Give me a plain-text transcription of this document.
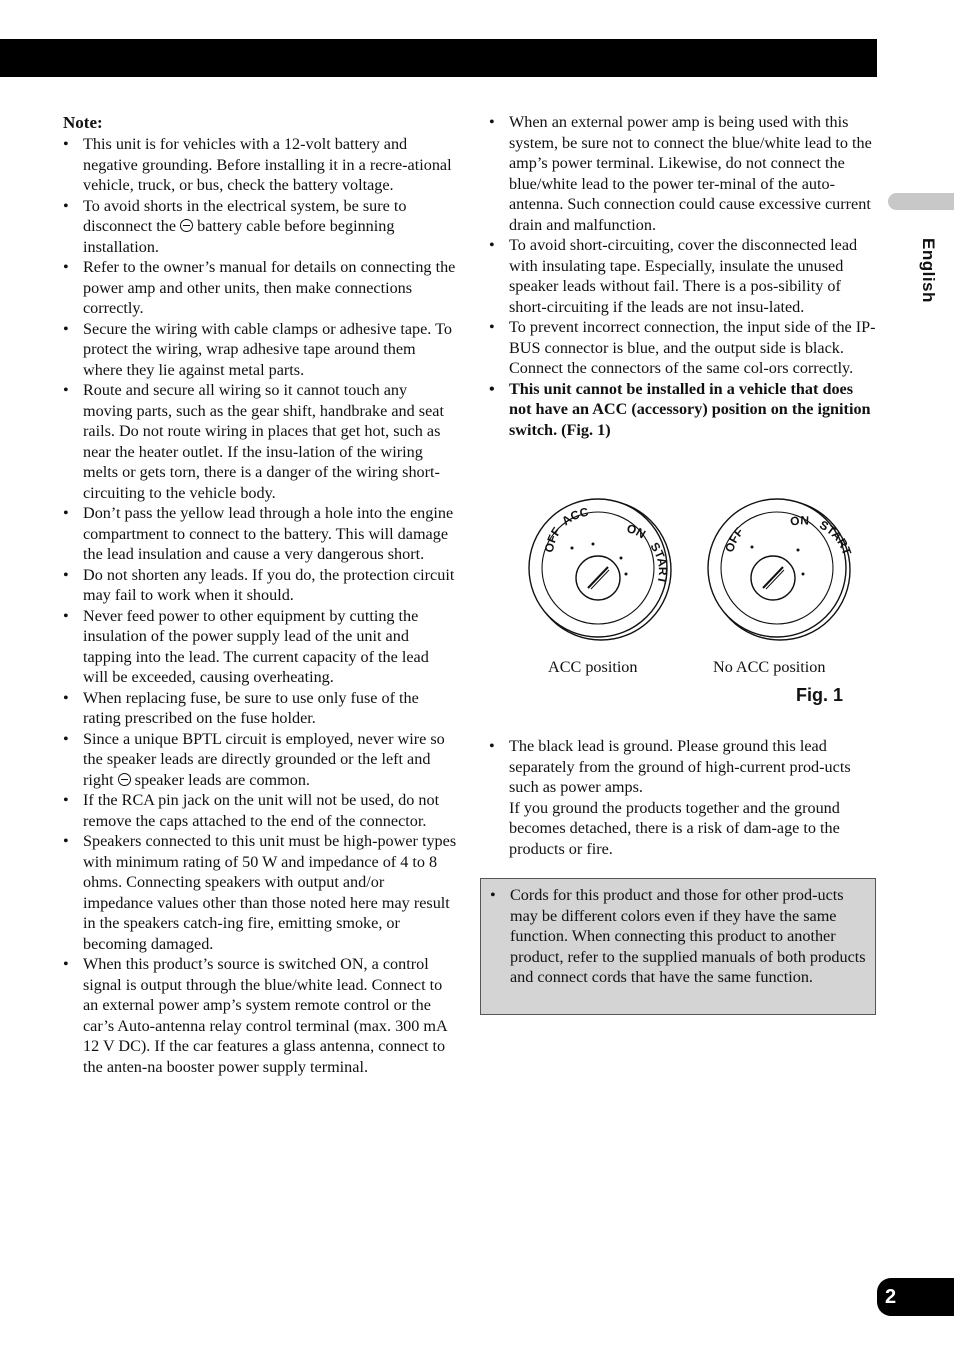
English
Note:
• This unit is for vehicles with a 12-volt battery and negative grounding. Before installing it in a recre-ational vehicle, truck, or bus, check the battery voltage.
• To avoid shorts in the electrical system, be sure to disconnect the  battery cable before beginning installation.
• Refer to the owner’s manual for details on connecting the power amp and other units, then make connections correctly.
• Secure the wiring with cable clamps or adhesive tape. To protect the wiring, wrap adhesive tape around them where they lie against metal parts.
• Route and secure all wiring so it cannot touch any moving parts, such as the gear shift, handbrake and seat rails. Do not route wiring in places that get hot, such as near the heater outlet. If the insu-lation of the wiring melts or gets torn, there is a danger of the wiring short-circuiting to the vehicle body.
• Don’t pass the yellow lead through a hole into the engine compartment to connect to the battery. This will damage the lead insulation and cause a very dangerous short.
• Do not shorten any leads. If you do, the protection circuit may fail to work when it should.
• Never feed power to other equipment by cutting the insulation of the power supply lead of the unit and tapping into the lead. The current capacity of the lead will be exceeded, causing overheating.
• When replacing fuse, be sure to use only fuse of the rating prescribed on the fuse holder.
• Since a unique BPTL circuit is employed, never wire so the speaker leads are directly grounded or the left and right  speaker leads are common.
• If the RCA pin jack on the unit will not be used, do not remove the caps attached to the end of the connector.
• Speakers connected to this unit must be high-power types with minimum rating of 50 W and impedance of 4 to 8 ohms. Connecting speakers with output and/or impedance values other than those noted here may result in the speakers catch-ing fire, emitting smoke, or becoming damaged.
• When this product’s source is switched ON, a control signal is output through the blue/white lead. Connect to an external power amp’s system remote control or the car’s Auto-antenna relay control terminal (max. 300 mA 12 V DC). If the car features a glass antenna, connect to the anten-na booster power supply terminal.
• When an external power amp is being used with this system, be sure not to connect the blue/white lead to the amp’s power terminal. Likewise, do not connect the blue/white lead to the power ter-minal of the auto-antenna. Such connection could cause excessive current drain and malfunction.
• To avoid short-circuiting, cover the disconnected lead with insulating tape. Especially, insulate the unused speaker leads without fail. There is a pos-sibility of short-circuiting if the leads are not insu-lated.
• To prevent incorrect connection, the input side of the IP-BUS connector is blue, and the output side is black. Connect the connectors of the same col-ors correctly.
• This unit cannot be installed in a vehicle that does not have an ACC (accessory) position on the ignition switch. (Fig. 1)
OFFACC
ONSTART
OFF
ON START
ACC position	No ACC position
Fig. 1
• The black lead is ground. Please ground this lead separately from the ground of high-current prod-ucts such as power amps.
If you ground the products together and the ground becomes detached, there is a risk of dam-age to the products or fire.
• Cords for this product and those for other prod-ucts may be different colors even if they have the same function. When connecting this product to another product, refer to the supplied manuals of both products and connect cords that have the same function.
2
